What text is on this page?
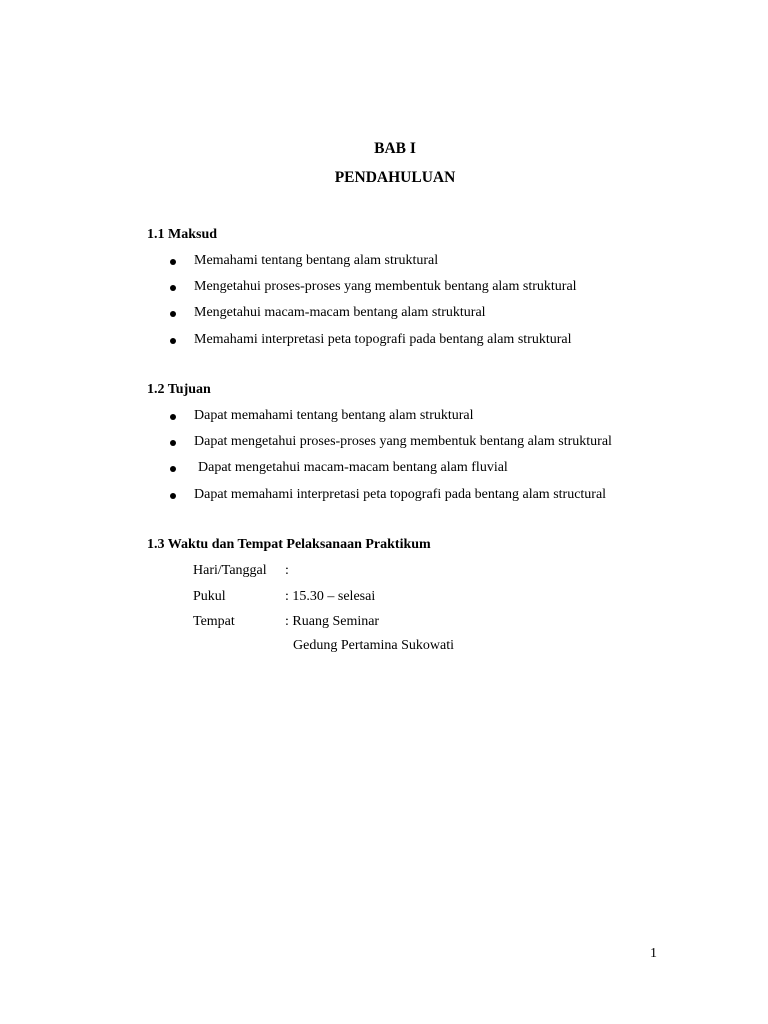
BAB I
PENDAHULUAN
1.1 Maksud
Memahami tentang bentang alam struktural
Mengetahui proses-proses yang membentuk bentang alam struktural
Mengetahui macam-macam bentang alam struktural
Memahami interpretasi peta topografi pada bentang alam struktural
1.2 Tujuan
Dapat memahami tentang bentang alam struktural
Dapat mengetahui proses-proses yang membentuk bentang alam struktural
Dapat mengetahui macam-macam bentang alam fluvial
Dapat memahami interpretasi peta topografi pada bentang alam structural
1.3 Waktu dan Tempat Pelaksanaan Praktikum
Hari/Tanggal :
Pukul	: 15.30 – selesai
Tempat	: Ruang Seminar
Gedung Pertamina Sukowati
1
